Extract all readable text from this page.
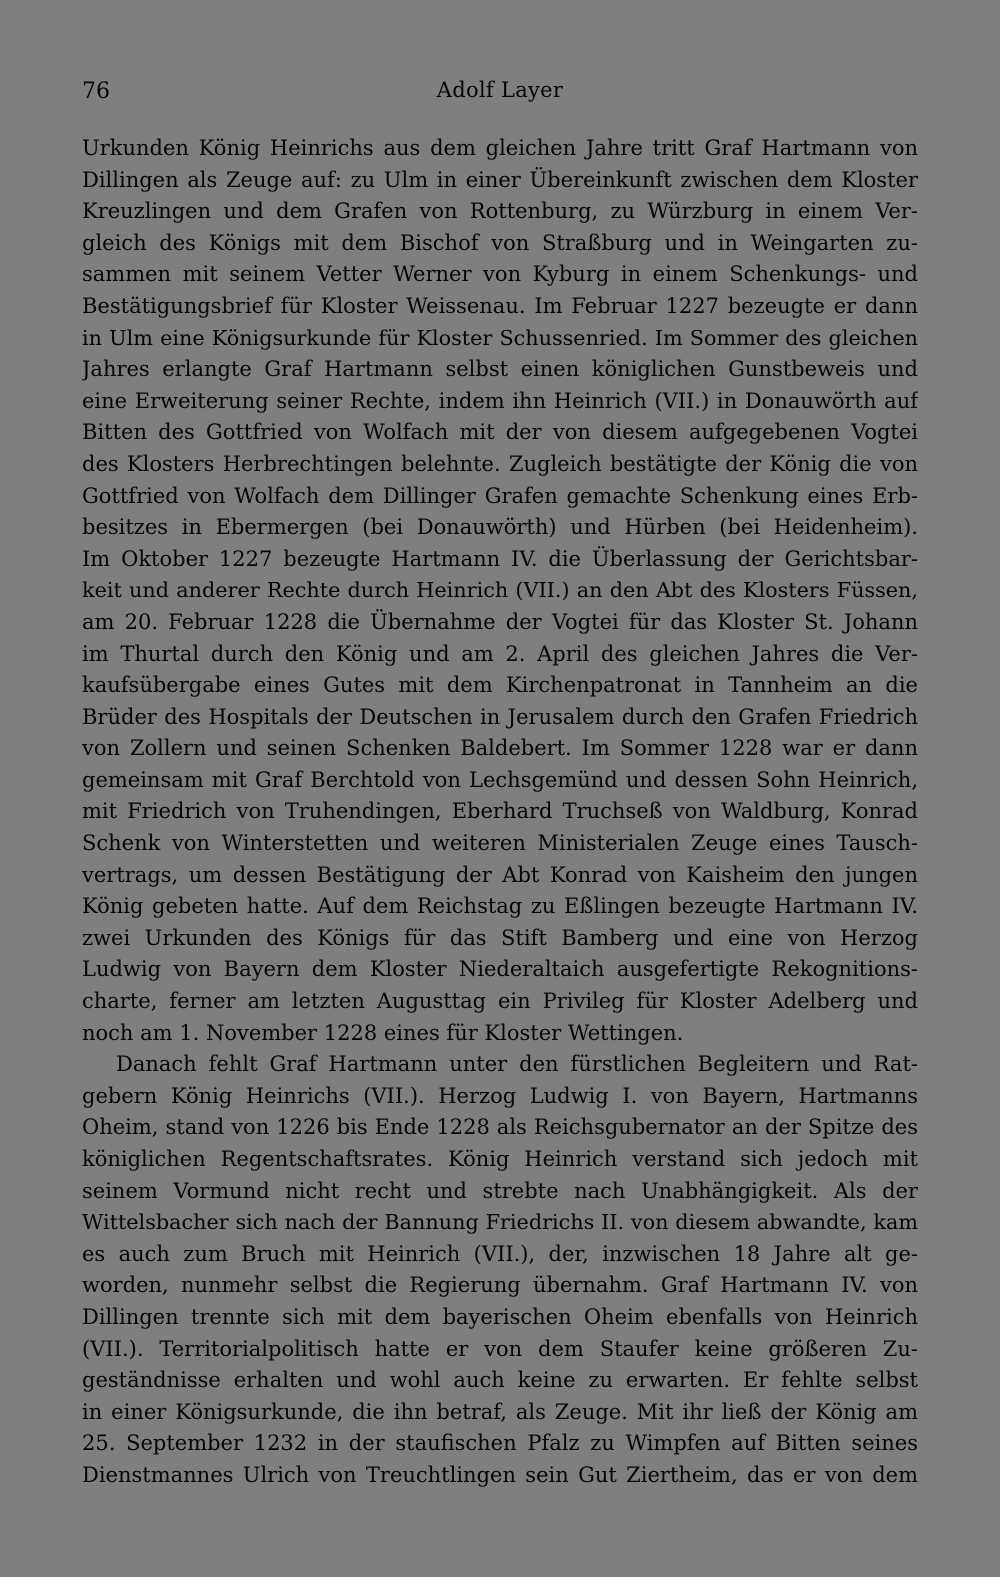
76	Adolf Layer
Urkunden König Heinrichs aus dem gleichen Jahre tritt Graf Hartmann von
Dillingen als Zeuge auf: zu Ulm in einer Übereinkunft zwischen dem Kloster
Kreuzlingen und dem Grafen von Rottenburg, zu Würzburg in einem Ver-
gleich des Königs mit dem Bischof von Straßburg und in Weingarten zu-
sammen mit seinem Vetter Werner von Kyburg in einem Schenkungs- und
Bestätigungsbrief für Kloster Weissenau. Im Februar 1227 bezeugte er dann
in Ulm eine Königsurkunde für Kloster Schussenried. Im Sommer des gleichen
Jahres erlangte Graf Hartmann selbst einen königlichen Gunstbeweis und
eine Erweiterung seiner Rechte, indem ihn Heinrich (VII.) in Donauwörth auf
Bitten des Gottfried von Wolfach mit der von diesem aufgegebenen Vogtei
des Klosters Herbrechtingen belehnte. Zugleich bestätigte der König die von
Gottfried von Wolfach dem Dillinger Grafen gemachte Schenkung eines Erb-
besitzes in Ebermergen (bei Donauwörth) und Hürben (bei Heidenheim).
Im Oktober 1227 bezeugte Hartmann IV. die Überlassung der Gerichtsbar-
keit und anderer Rechte durch Heinrich (VII.) an den Abt des Klosters Füssen,
am 20. Februar 1228 die Übernahme der Vogtei für das Kloster St. Johann
im Thurtal durch den König und am 2. April des gleichen Jahres die Ver-
kaufsübergabe eines Gutes mit dem Kirchenpatronat in Tannheim an die
Brüder des Hospitals der Deutschen in Jerusalem durch den Grafen Friedrich
von Zollern und seinen Schenken Baldebert. Im Sommer 1228 war er dann
gemeinsam mit Graf Berchtold von Lechsgemünd und dessen Sohn Heinrich,
mit Friedrich von Truhendingen, Eberhard Truchseß von Waldburg, Konrad
Schenk von Winterstetten und weiteren Ministerialen Zeuge eines Tausch-
vertrags, um dessen Bestätigung der Abt Konrad von Kaisheim den jungen
König gebeten hatte. Auf dem Reichstag zu Eßlingen bezeugte Hartmann IV.
zwei Urkunden des Königs für das Stift Bamberg und eine von Herzog
Ludwig von Bayern dem Kloster Niederaltaich ausgefertigte Rekognitions-
charte, ferner am letzten Augusttag ein Privileg für Kloster Adelberg und
noch am 1. November 1228 eines für Kloster Wettingen.
Danach fehlt Graf Hartmann unter den fürstlichen Begleitern und Rat-
gebern König Heinrichs (VII.). Herzog Ludwig I. von Bayern, Hartmanns
Oheim, stand von 1226 bis Ende 1228 als Reichsgubernator an der Spitze des
königlichen Regentschaftsrates. König Heinrich verstand sich jedoch mit
seinem Vormund nicht recht und strebte nach Unabhängigkeit. Als der
Wittelsbacher sich nach der Bannung Friedrichs II. von diesem abwandte, kam
es auch zum Bruch mit Heinrich (VII.), der, inzwischen 18 Jahre alt ge-
worden, nunmehr selbst die Regierung übernahm. Graf Hartmann IV. von
Dillingen trennte sich mit dem bayerischen Oheim ebenfalls von Heinrich
(VII.). Territorialpolitisch hatte er von dem Staufer keine größeren Zu-
geständnisse erhalten und wohl auch keine zu erwarten. Er fehlte selbst
in einer Königsurkunde, die ihn betraf, als Zeuge. Mit ihr ließ der König am
25. September 1232 in der staufischen Pfalz zu Wimpfen auf Bitten seines
Dienstmannes Ulrich von Treuchtlingen sein Gut Ziertheim, das er von dem
